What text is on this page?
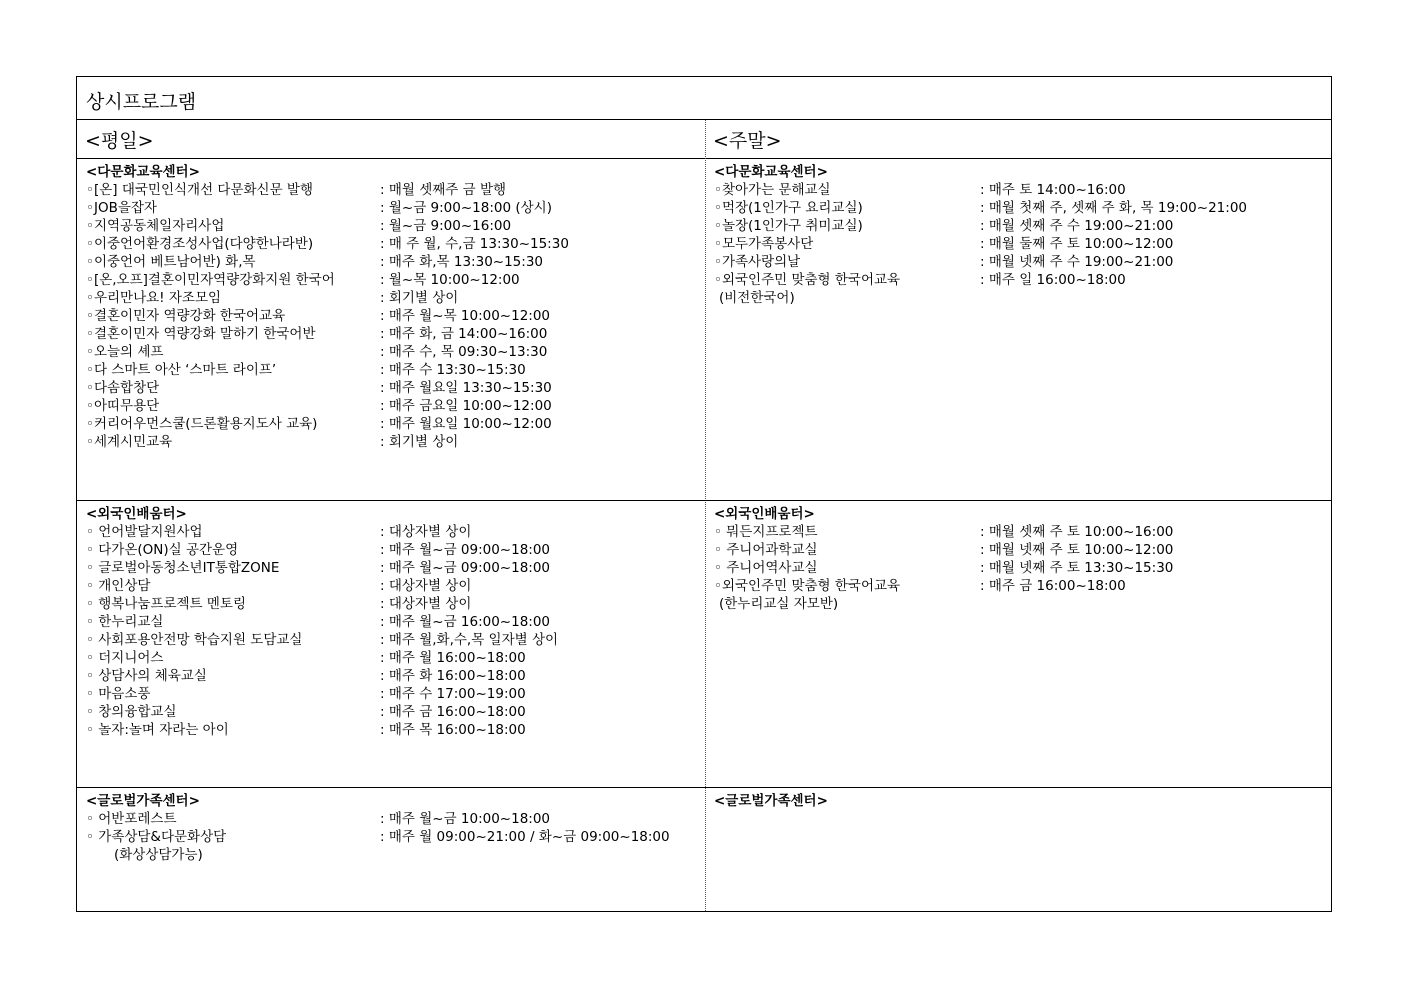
상시프로그램
<평일>	<주말>
<다문화교육센터>
◦[온] 대국민인식개선 다문화신문 발행	: 매월 셋째주 금 발행
◦JOB을잡자	: 월~금 9:00~18:00 (상시)
◦지역공동체일자리사업	: 월~금 9:00~16:00
◦이중언어환경조성사업(다양한나라반)	: 매 주 월, 수,금 13:30~15:30
◦이중언어 베트남어반) 화,목	: 매주 화,목 13:30~15:30
◦[온,오프]결혼이민자역량강화지원 한국어	: 월~목 10:00~12:00
◦우리만나요! 자조모임	: 회기별 상이
◦결혼이민자 역량강화 한국어교육	: 매주 월~목 10:00~12:00
◦결혼이민자 역량강화 말하기 한국어반	: 매주 화, 금 14:00~16:00
◦오늘의 셰프	: 매주 수, 목 09:30~13:30
◦다 스마트 아산 ‘스마트 라이프’	: 매주 수 13:30~15:30
◦다솜합창단	: 매주 월요일 13:30~15:30
◦아띠무용단	: 매주 금요일 10:00~12:00
◦커리어우먼스쿨(드론활용지도사 교육)	: 매주 월요일 10:00~12:00
◦세계시민교육	: 회기별 상이
<외국인배움터>
◦ 언어발달지원사업	: 대상자별 상이
◦ 다가온(ON)실 공간운영	: 매주 월~금 09:00~18:00
◦ 글로벌아동청소년IT통합ZONE	: 매주 월~금 09:00~18:00
◦ 개인상담	: 대상자별 상이
◦ 행복나눔프로젝트 멘토링	: 대상자별 상이
◦ 한누리교실	: 매주 월~금 16:00~18:00
◦ 사회포용안전망 학습지원 도담교실	: 매주 월,화,수,목 일자별 상이
◦ 더지니어스	: 매주 월 16:00~18:00
◦ 상담사의 체육교실	: 매주 화 16:00~18:00
◦ 마음소풍	: 매주 수 17:00~19:00
◦ 창의융합교실	: 매주 금 16:00~18:00
◦ 놀자:놀며 자라는 아이	: 매주 목 16:00~18:00
<글로벌가족센터>
◦ 어반포레스트	: 매주 월~금 10:00~18:00
◦ 가족상담&다문화상담	: 매주 월 09:00~21:00 / 화~금 09:00~18:00
(화상상담가능)
<다문화교육센터>
◦찾아가는 문해교실	: 매주 토 14:00~16:00
◦먹장(1인가구 요리교실)	: 매월 첫째 주, 셋째 주 화, 목 19:00~21:00
◦놀장(1인가구 취미교실)	: 매월 셋째 주 수 19:00~21:00
◦모두가족봉사단	: 매월 둘째 주 토 10:00~12:00
◦가족사랑의날	: 매월 넷째 주 수 19:00~21:00
◦외국인주민 맞춤형 한국어교육	: 매주 일 16:00~18:00
(비전한국어)
<외국인배움터>
◦ 뭐든지프로젝트	: 매월 셋째 주 토 10:00~16:00
◦ 주니어과학교실	: 매월 넷째 주 토 10:00~12:00
◦ 주니어역사교실	: 매월 넷째 주 토 13:30~15:30
◦외국인주민 맞춤형 한국어교육	: 매주 금 16:00~18:00
(한누리교실 자모반)
<글로벌가족센터>
